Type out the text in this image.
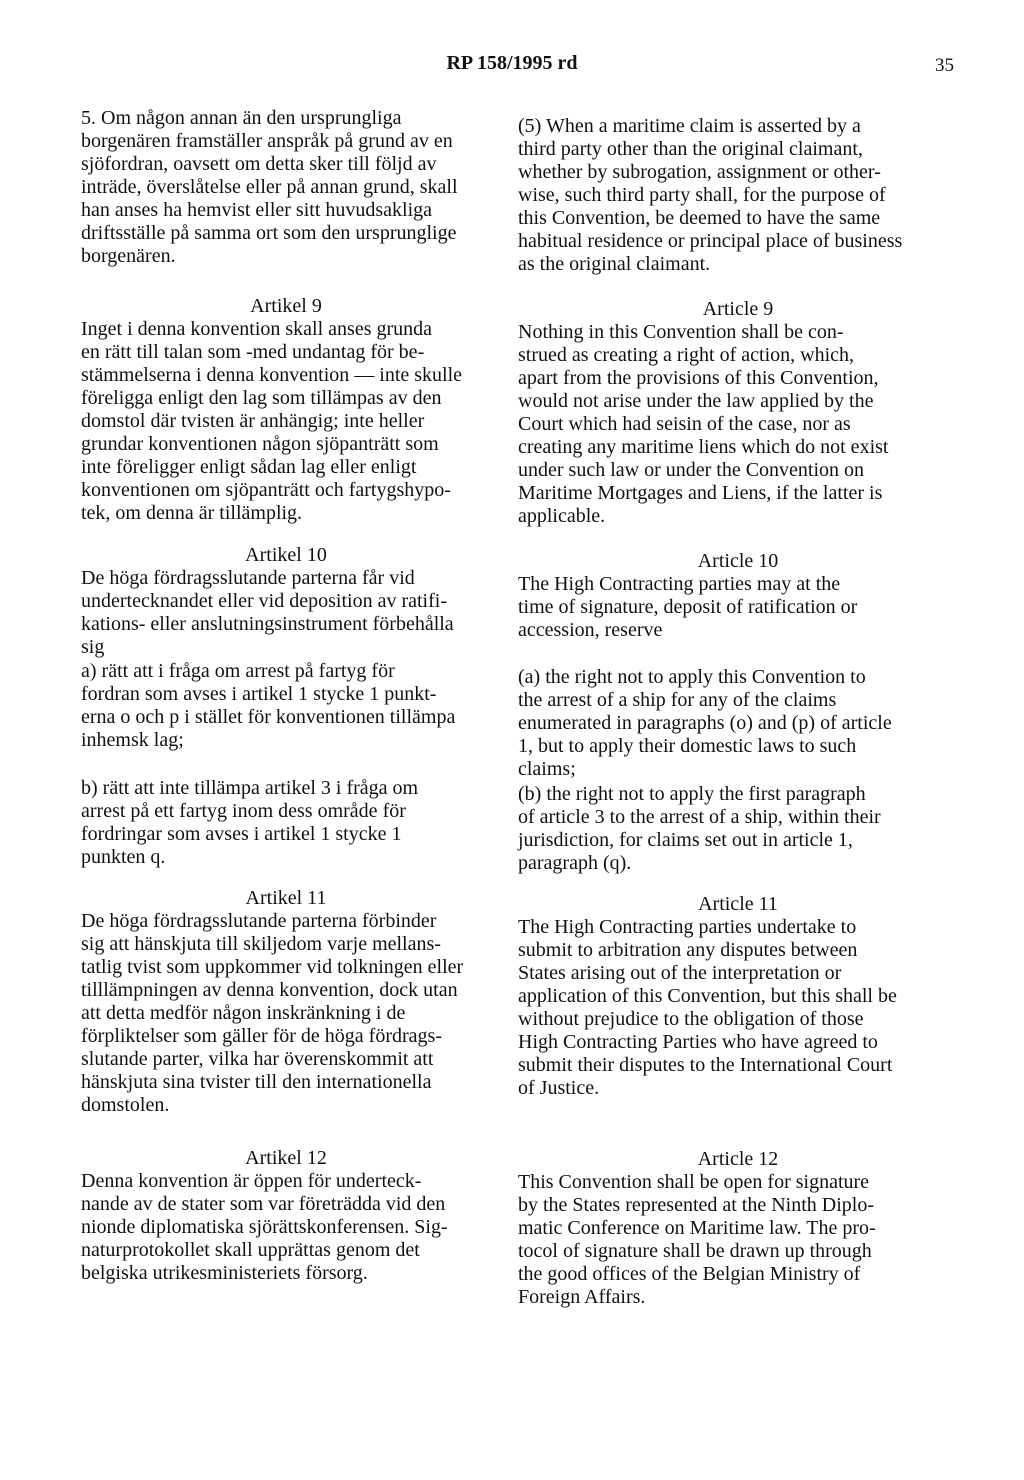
RP 158/1995 rd	35

5. Om någon annan än den ursprungliga
borgenären framställer anspråk på grund av en
sjöfordran, oavsett om detta sker till följd av
inträde, överslåtelse eller på annan grund, skall
han anses ha hemvist eller sitt huvudsakliga
driftsställe på samma ort som den ursprunglige
borgenären.

Artikel 9

Inget i denna konvention skall anses grunda
en rätt till talan som -med undantag för be-
stämmelserna i denna konvention — inte skulle
föreligga enligt den lag som tillämpas av den
domstol där tvisten är anhängig; inte heller
grundar konventionen någon sjöpanträtt som
inte föreligger enligt sådan lag eller enligt
konventionen om sjöpanträtt och fartygshypo-
tek, om denna är tillämplig.

Artikel 10

De höga fördragsslutande parterna får vid
undertecknandet eller vid deposition av ratifi-
kations- eller anslutningsinstrument förbehålla
sig

a) rätt att i fråga om arrest på fartyg för
fordran som avses i artikel 1 stycke 1 punkt-
erna o och p i stället för konventionen tillämpa
inhemsk lag;

b) rätt att inte tillämpa artikel 3 i fråga om
arrest på ett fartyg inom dess område för
fordringar som avses i artikel 1 stycke 1
punkten q.

Artikel 11

De höga fördragsslutande parterna förbinder
sig att hänskjuta till skiljedom varje mellans-
tatlig tvist som uppkommer vid tolkningen eller
tilllämpningen av denna konvention, dock utan
att detta medför någon inskränkning i de
förpliktelser som gäller för de höga fördrags-
slutande parter, vilka har överenskommit att
hänskjuta sina tvister till den internationella
domstolen.

Artikel 12

Denna konvention är öppen för underteck-
nande av de stater som var företrädda vid den
nionde diplomatiska sjörättskonferensen. Sig-
naturprotokollet skall upprättas genom det
belgiska utrikesministeriets försorg.

(5) When a maritime claim is asserted by a
third party other than the original claimant,
whether by subrogation, assignment or other-
wise, such third party shall, for the purpose of
this Convention, be deemed to have the same
habitual residence or principal place of business
as the original claimant.

Article 9

Nothing in this Convention shall be con-
strued as creating a right of action, which,
apart from the provisions of this Convention,
would not arise under the law applied by the
Court which had seisin of the case, nor as
creating any maritime liens which do not exist
under such law or under the Convention on
Maritime Mortgages and Liens, if the latter is
applicable.

Article 10

The High Contracting parties may at the
time of signature, deposit of ratification or
accession, reserve

(a) the right not to apply this Convention to
the arrest of a ship for any of the claims
enumerated in paragraphs (o) and (p) of article
1, but to apply their domestic laws to such
claims;

(b) the right not to apply the first paragraph
of article 3 to the arrest of a ship, within their
jurisdiction, for claims set out in article 1,
paragraph (q).

Article 11

The High Contracting parties undertake to
submit to arbitration any disputes between
States arising out of the interpretation or
application of this Convention, but this shall be
without prejudice to the obligation of those
High Contracting Parties who have agreed to
submit their disputes to the International Court
of Justice.

Article 12

This Convention shall be open for signature
by the States represented at the Ninth Diplo-
matic Conference on Maritime law. The pro-
tocol of signature shall be drawn up through
the good offices of the Belgian Ministry of
Foreign Affairs.
